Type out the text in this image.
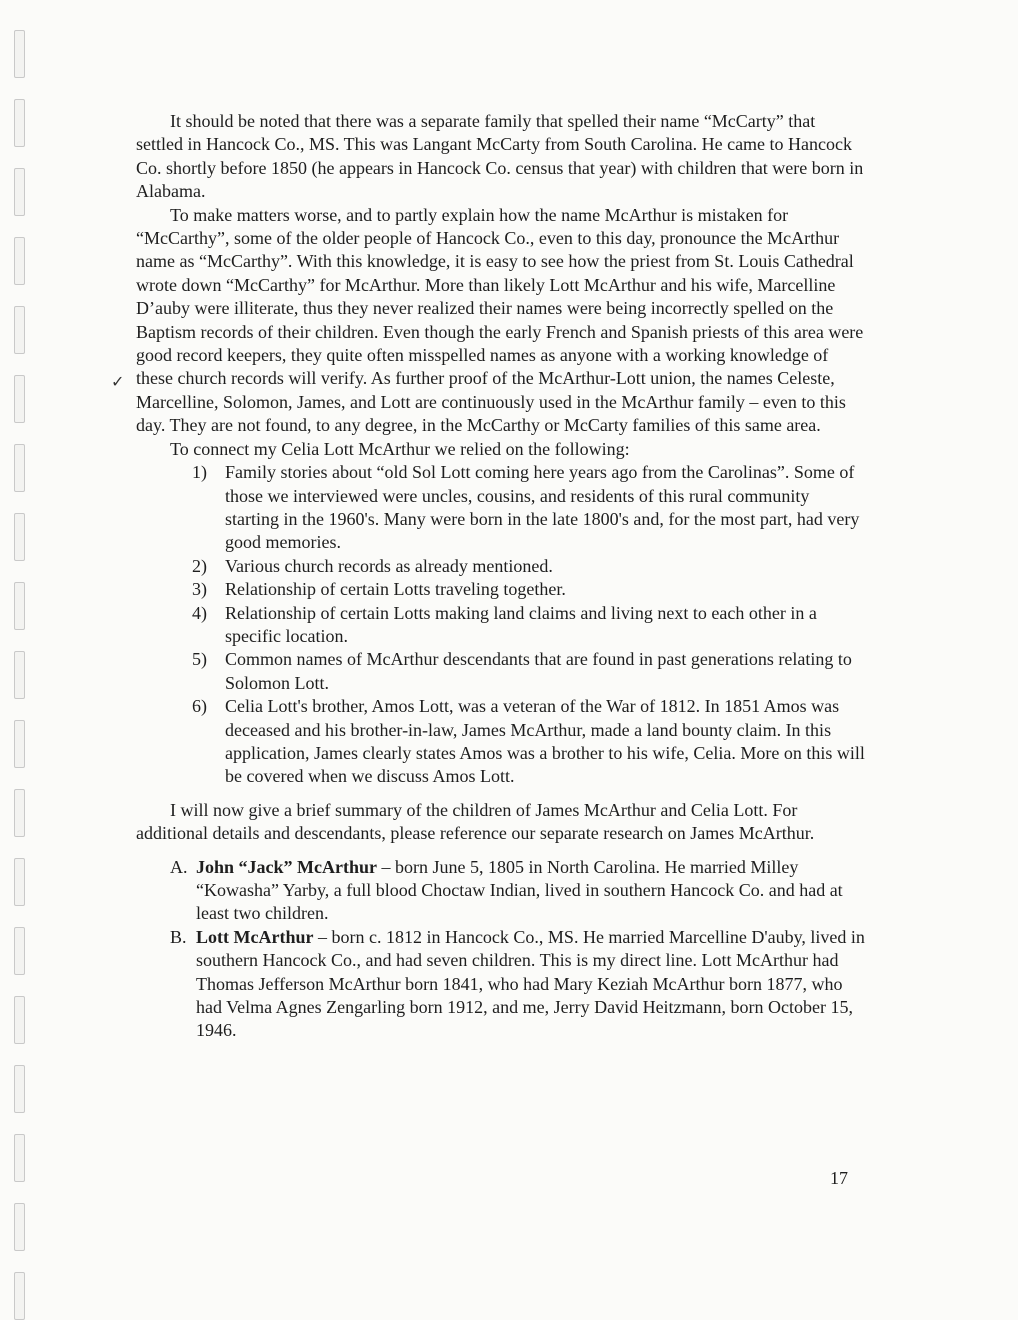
✓

It should be noted that there was a separate family that spelled their name “McCarty” that settled in Hancock Co., MS. This was Langant McCarty from South Carolina. He came to Hancock Co. shortly before 1850 (he appears in Hancock Co. census that year) with children that were born in Alabama.

To make matters worse, and to partly explain how the name McArthur is mistaken for “McCarthy”, some of the older people of Hancock Co., even to this day, pronounce the McArthur name as “McCarthy”. With this knowledge, it is easy to see how the priest from St. Louis Cathedral wrote down “McCarthy” for McArthur. More than likely Lott McArthur and his wife, Marcelline D’auby were illiterate, thus they never realized their names were being incorrectly spelled on the Baptism records of their children. Even though the early French and Spanish priests of this area were good record keepers, they quite often misspelled names as anyone with a working knowledge of these church records will verify. As further proof of the McArthur-Lott union, the names Celeste, Marcelline, Solomon, James, and Lott are continuously used in the McArthur family – even to this day. They are not found, to any degree, in the McCarthy or McCarty families of this same area.

To connect my Celia Lott McArthur we relied on the following:

1) Family stories about “old Sol Lott coming here years ago from the Carolinas”. Some of those we interviewed were uncles, cousins, and residents of this rural community starting in the 1960's. Many were born in the late 1800's and, for the most part, had very good memories.
2) Various church records as already mentioned.
3) Relationship of certain Lotts traveling together.
4) Relationship of certain Lotts making land claims and living next to each other in a specific location.
5) Common names of McArthur descendants that are found in past generations relating to Solomon Lott.
6) Celia Lott's brother, Amos Lott, was a veteran of the War of 1812. In 1851 Amos was deceased and his brother-in-law, James McArthur, made a land bounty claim. In this application, James clearly states Amos was a brother to his wife, Celia. More on this will be covered when we discuss Amos Lott.

I will now give a brief summary of the children of James McArthur and Celia Lott. For additional details and descendants, please reference our separate research on James McArthur.

A. John “Jack” McArthur – born June 5, 1805 in North Carolina. He married Milley “Kowasha” Yarby, a full blood Choctaw Indian, lived in southern Hancock Co. and had at least two children.
B. Lott McArthur – born c. 1812 in Hancock Co., MS. He married Marcelline D'auby, lived in southern Hancock Co., and had seven children. This is my direct line. Lott McArthur had Thomas Jefferson McArthur born 1841, who had Mary Keziah McArthur born 1877, who had Velma Agnes Zengarling born 1912, and me, Jerry David Heitzmann, born October 15, 1946.
17
